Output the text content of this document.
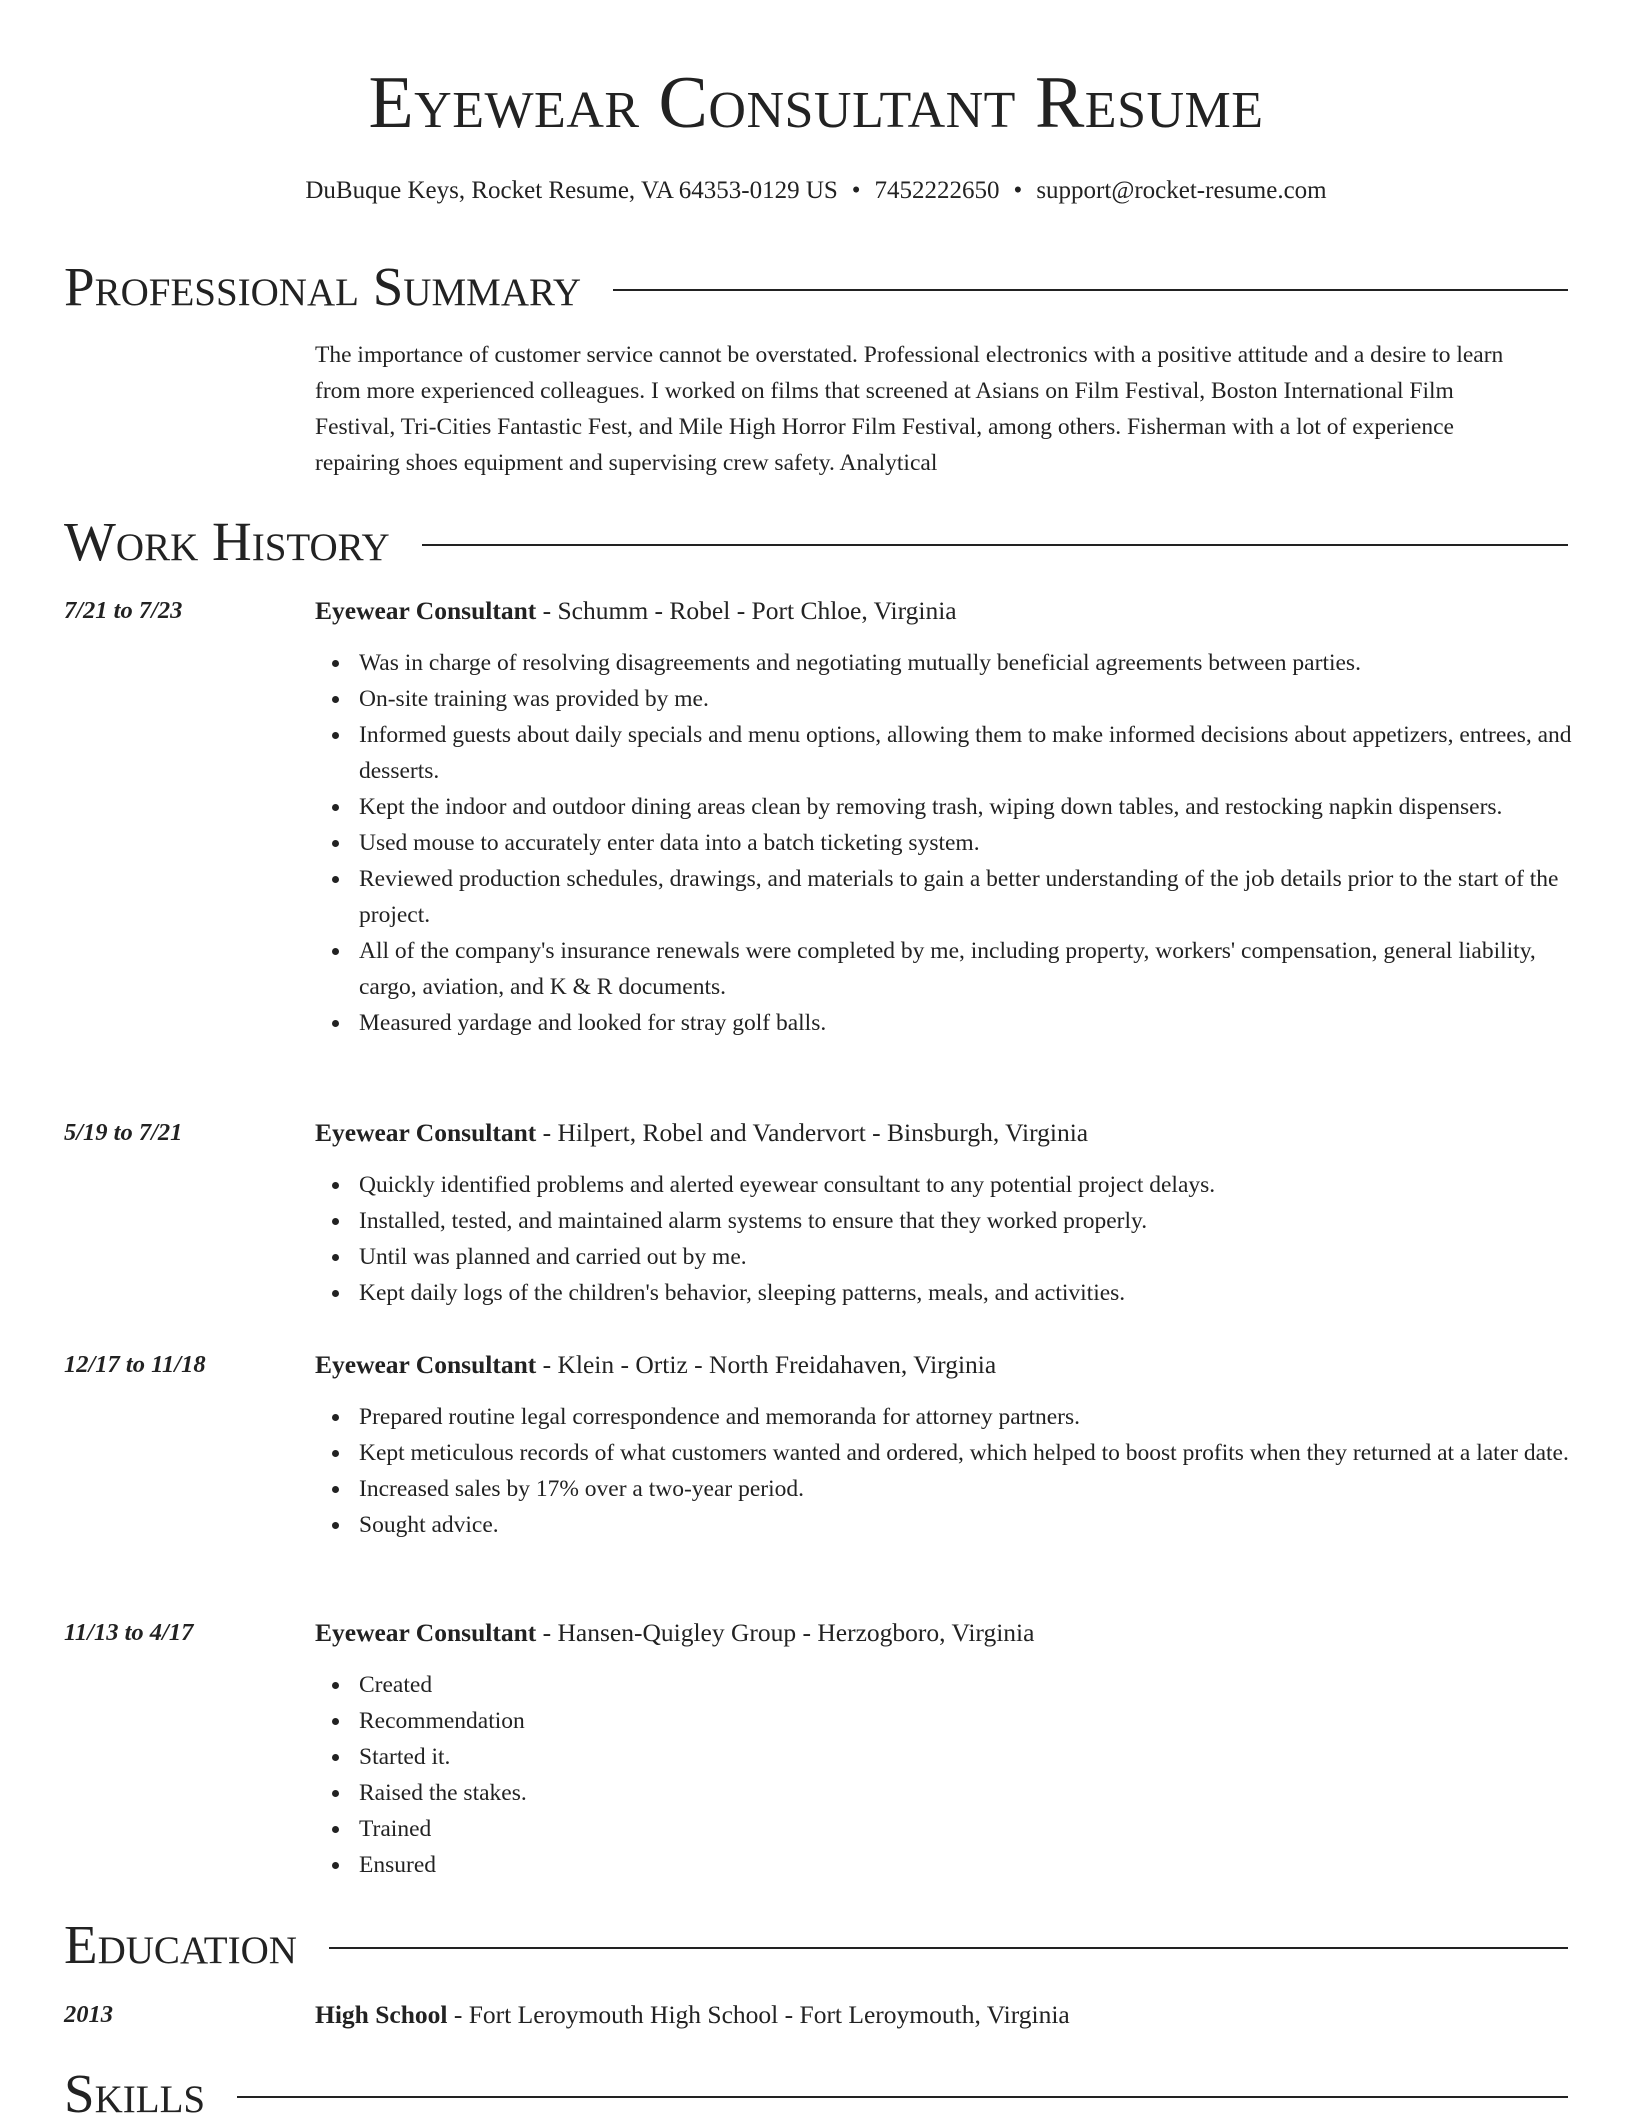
Eyewear Consultant Resume
DuBuque Keys, Rocket Resume, VA 64353-0129 US • 7452222650 • support@rocket-resume.com
Professional Summary
The importance of customer service cannot be overstated. Professional electronics with a positive attitude and a desire to learn from more experienced colleagues. I worked on films that screened at Asians on Film Festival, Boston International Film Festival, Tri-Cities Fantastic Fest, and Mile High Horror Film Festival, among others. Fisherman with a lot of experience repairing shoes equipment and supervising crew safety. Analytical
Work History
7/21 to 7/23	Eyewear Consultant - Schumm - Robel - Port Chloe, Virginia
Was in charge of resolving disagreements and negotiating mutually beneficial agreements between parties.
On-site training was provided by me.
Informed guests about daily specials and menu options, allowing them to make informed decisions about appetizers, entrees, and desserts.
Kept the indoor and outdoor dining areas clean by removing trash, wiping down tables, and restocking napkin dispensers.
Used mouse to accurately enter data into a batch ticketing system.
Reviewed production schedules, drawings, and materials to gain a better understanding of the job details prior to the start of the project.
All of the company's insurance renewals were completed by me, including property, workers' compensation, general liability, cargo, aviation, and K & R documents.
Measured yardage and looked for stray golf balls.
5/19 to 7/21	Eyewear Consultant - Hilpert, Robel and Vandervort - Binsburgh, Virginia
Quickly identified problems and alerted eyewear consultant to any potential project delays.
Installed, tested, and maintained alarm systems to ensure that they worked properly.
Until was planned and carried out by me.
Kept daily logs of the children's behavior, sleeping patterns, meals, and activities.
12/17 to 11/18	Eyewear Consultant - Klein - Ortiz - North Freidahaven, Virginia
Prepared routine legal correspondence and memoranda for attorney partners.
Kept meticulous records of what customers wanted and ordered, which helped to boost profits when they returned at a later date.
Increased sales by 17% over a two-year period.
Sought advice.
11/13 to 4/17	Eyewear Consultant - Hansen-Quigley Group - Herzogboro, Virginia
Created
Recommendation
Started it.
Raised the stakes.
Trained
Ensured
Education
2013	High School - Fort Leroymouth High School - Fort Leroymouth, Virginia
Skills
